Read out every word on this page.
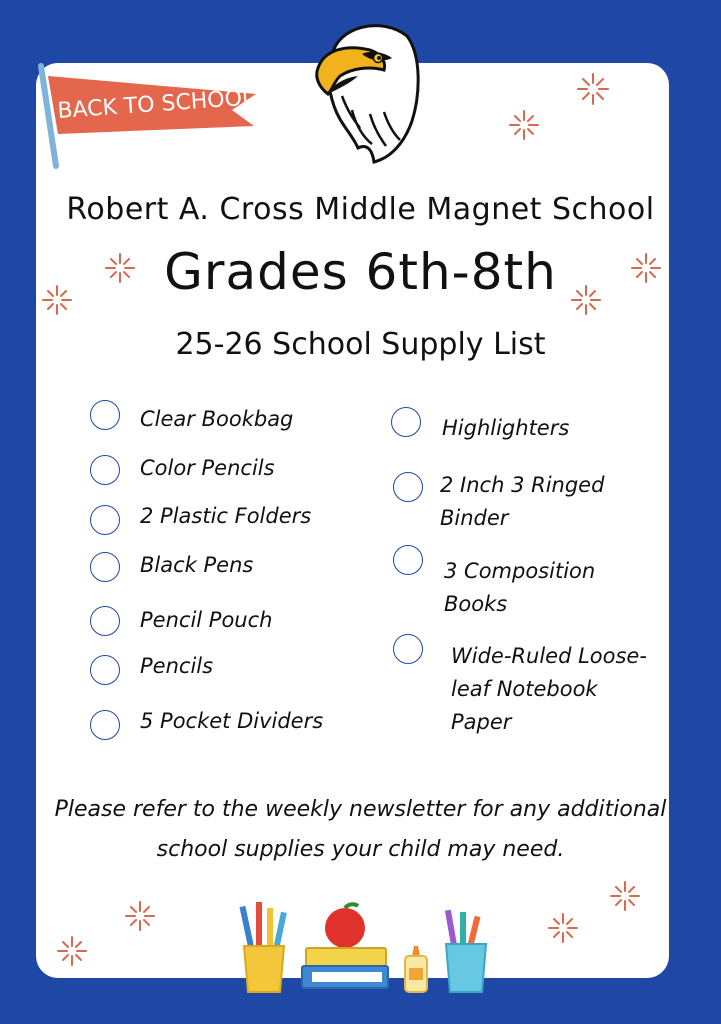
BACK TO SCHOOL
Robert A. Cross Middle Magnet School
Grades 6th-8th
25-26 School Supply List
Clear Bookbag
Color Pencils
2 Plastic Folders
Black Pens
Pencil Pouch
Pencils
5 Pocket Dividers
Highlighters
2 Inch 3 Ringed
Binder
3 Composition
Books
Wide-Ruled Loose-
leaf Notebook
Paper
Please refer to the weekly newsletter for any additional
school supplies your child may need.
